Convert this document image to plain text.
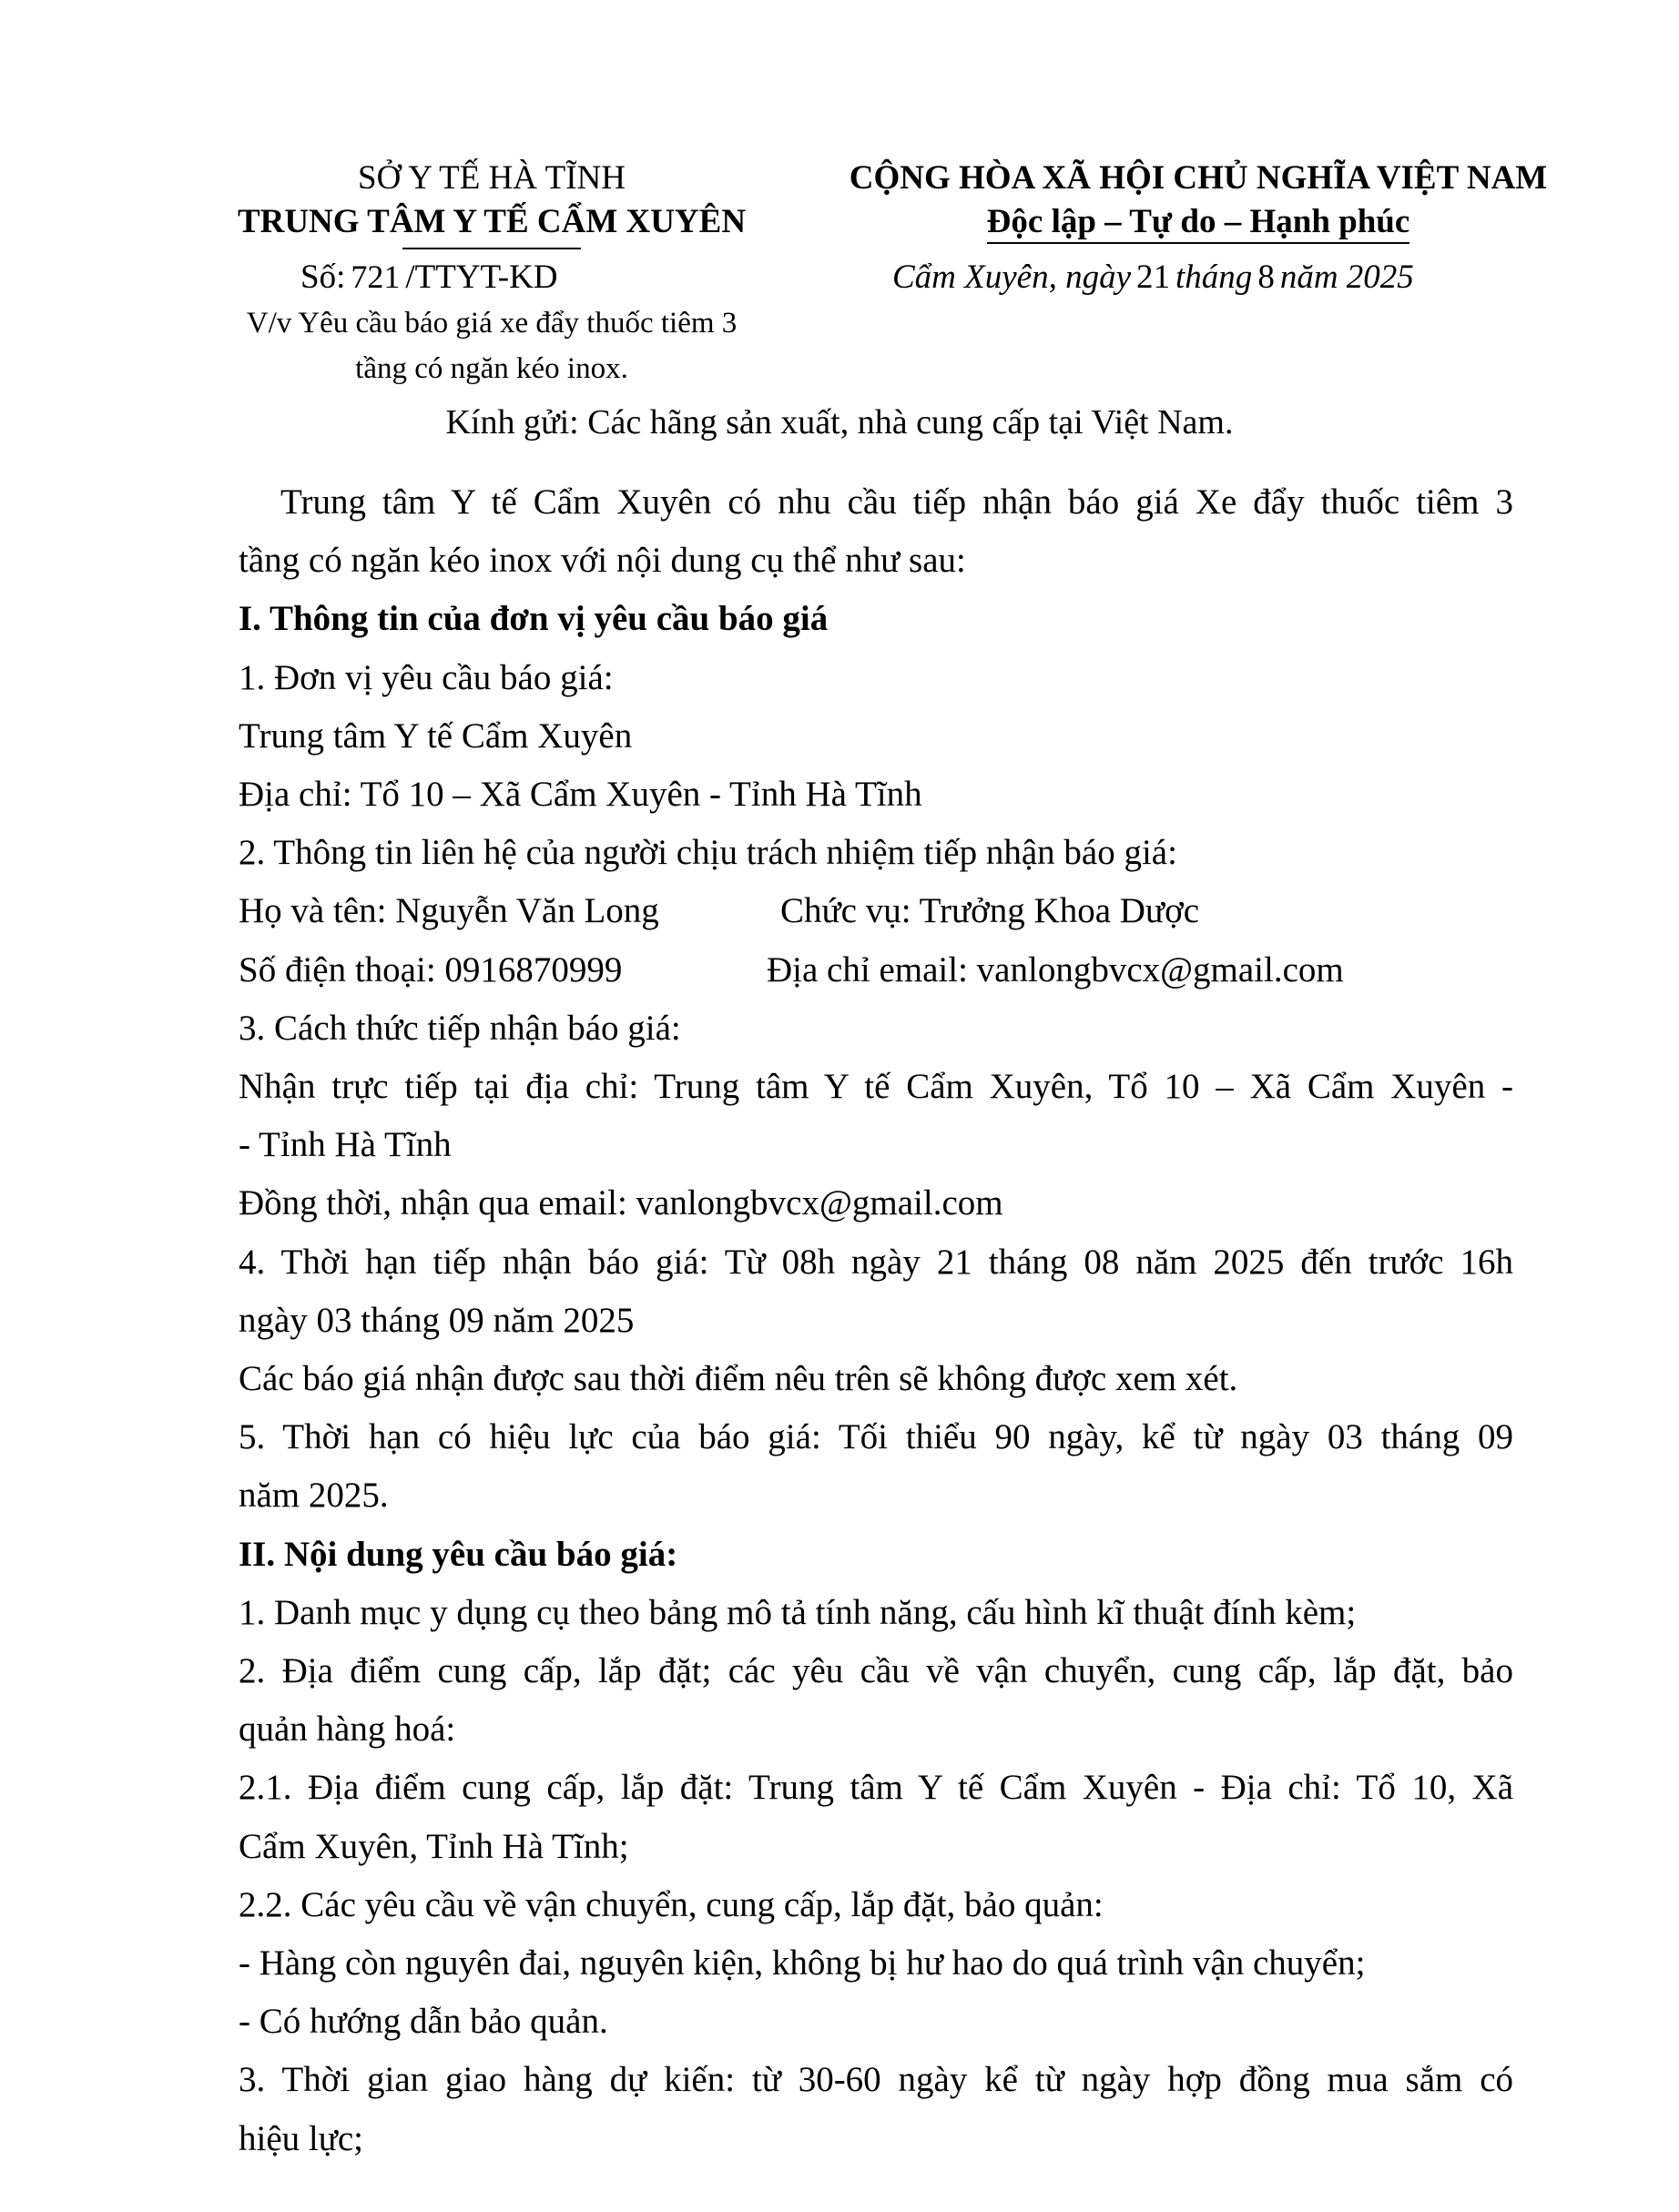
SỞ Y TẾ HÀ TĨNH
TRUNG TÂM Y TẾ CẨM XUYÊN
Số: 721 /TTYT-KD
V/v Yêu cầu báo giá xe đẩy thuốc tiêm 3
tầng có ngăn kéo inox.
CỘNG HÒA XÃ HỘI CHỦ NGHĨA VIỆT NAM
Độc lập – Tự do – Hạnh phúc
Cẩm Xuyên, ngày 21 tháng 8 năm 2025
Kính gửi: Các hãng sản xuất, nhà cung cấp tại Việt Nam.

Trung tâm Y tế Cẩm Xuyên có nhu cầu tiếp nhận báo giá Xe đẩy thuốc tiêm 3

tầng có ngăn kéo inox với nội dung cụ thể như sau:

I. Thông tin của đơn vị yêu cầu báo giá

1. Đơn vị yêu cầu báo giá:

Trung tâm Y tế Cẩm Xuyên

Địa chỉ: Tổ 10 – Xã Cẩm Xuyên - Tỉnh Hà Tĩnh

2. Thông tin liên hệ của người chịu trách nhiệm tiếp nhận báo giá:

Họ và tên: Nguyễn Văn Long	Chức vụ: Trưởng Khoa Dược

Số điện thoại: 0916870999	Địa chỉ email: vanlongbvcx@gmail.com

3. Cách thức tiếp nhận báo giá:

Nhận trực tiếp tại địa chỉ: Trung tâm Y tế Cẩm Xuyên, Tổ 10 – Xã Cẩm Xuyên -

- Tỉnh Hà Tĩnh

Đồng thời, nhận qua email: vanlongbvcx@gmail.com

4. Thời hạn tiếp nhận báo giá: Từ 08h ngày 21 tháng 08 năm 2025 đến trước 16h

ngày 03 tháng 09 năm 2025

Các báo giá nhận được sau thời điểm nêu trên sẽ không được xem xét.

5. Thời hạn có hiệu lực của báo giá: Tối thiểu 90 ngày, kể từ ngày 03 tháng 09

năm 2025.

II. Nội dung yêu cầu báo giá:

1. Danh mục y dụng cụ theo bảng mô tả tính năng, cấu hình kĩ thuật đính kèm;

2. Địa điểm cung cấp, lắp đặt; các yêu cầu về vận chuyển, cung cấp, lắp đặt, bảo

quản hàng hoá:

2.1. Địa điểm cung cấp, lắp đặt: Trung tâm Y tế Cẩm Xuyên - Địa chỉ: Tổ 10, Xã

Cẩm Xuyên, Tỉnh Hà Tĩnh;

2.2. Các yêu cầu về vận chuyển, cung cấp, lắp đặt, bảo quản:

- Hàng còn nguyên đai, nguyên kiện, không bị hư hao do quá trình vận chuyển;

- Có hướng dẫn bảo quản.

3. Thời gian giao hàng dự kiến: từ 30-60 ngày kể từ ngày hợp đồng mua sắm có

hiệu lực;
